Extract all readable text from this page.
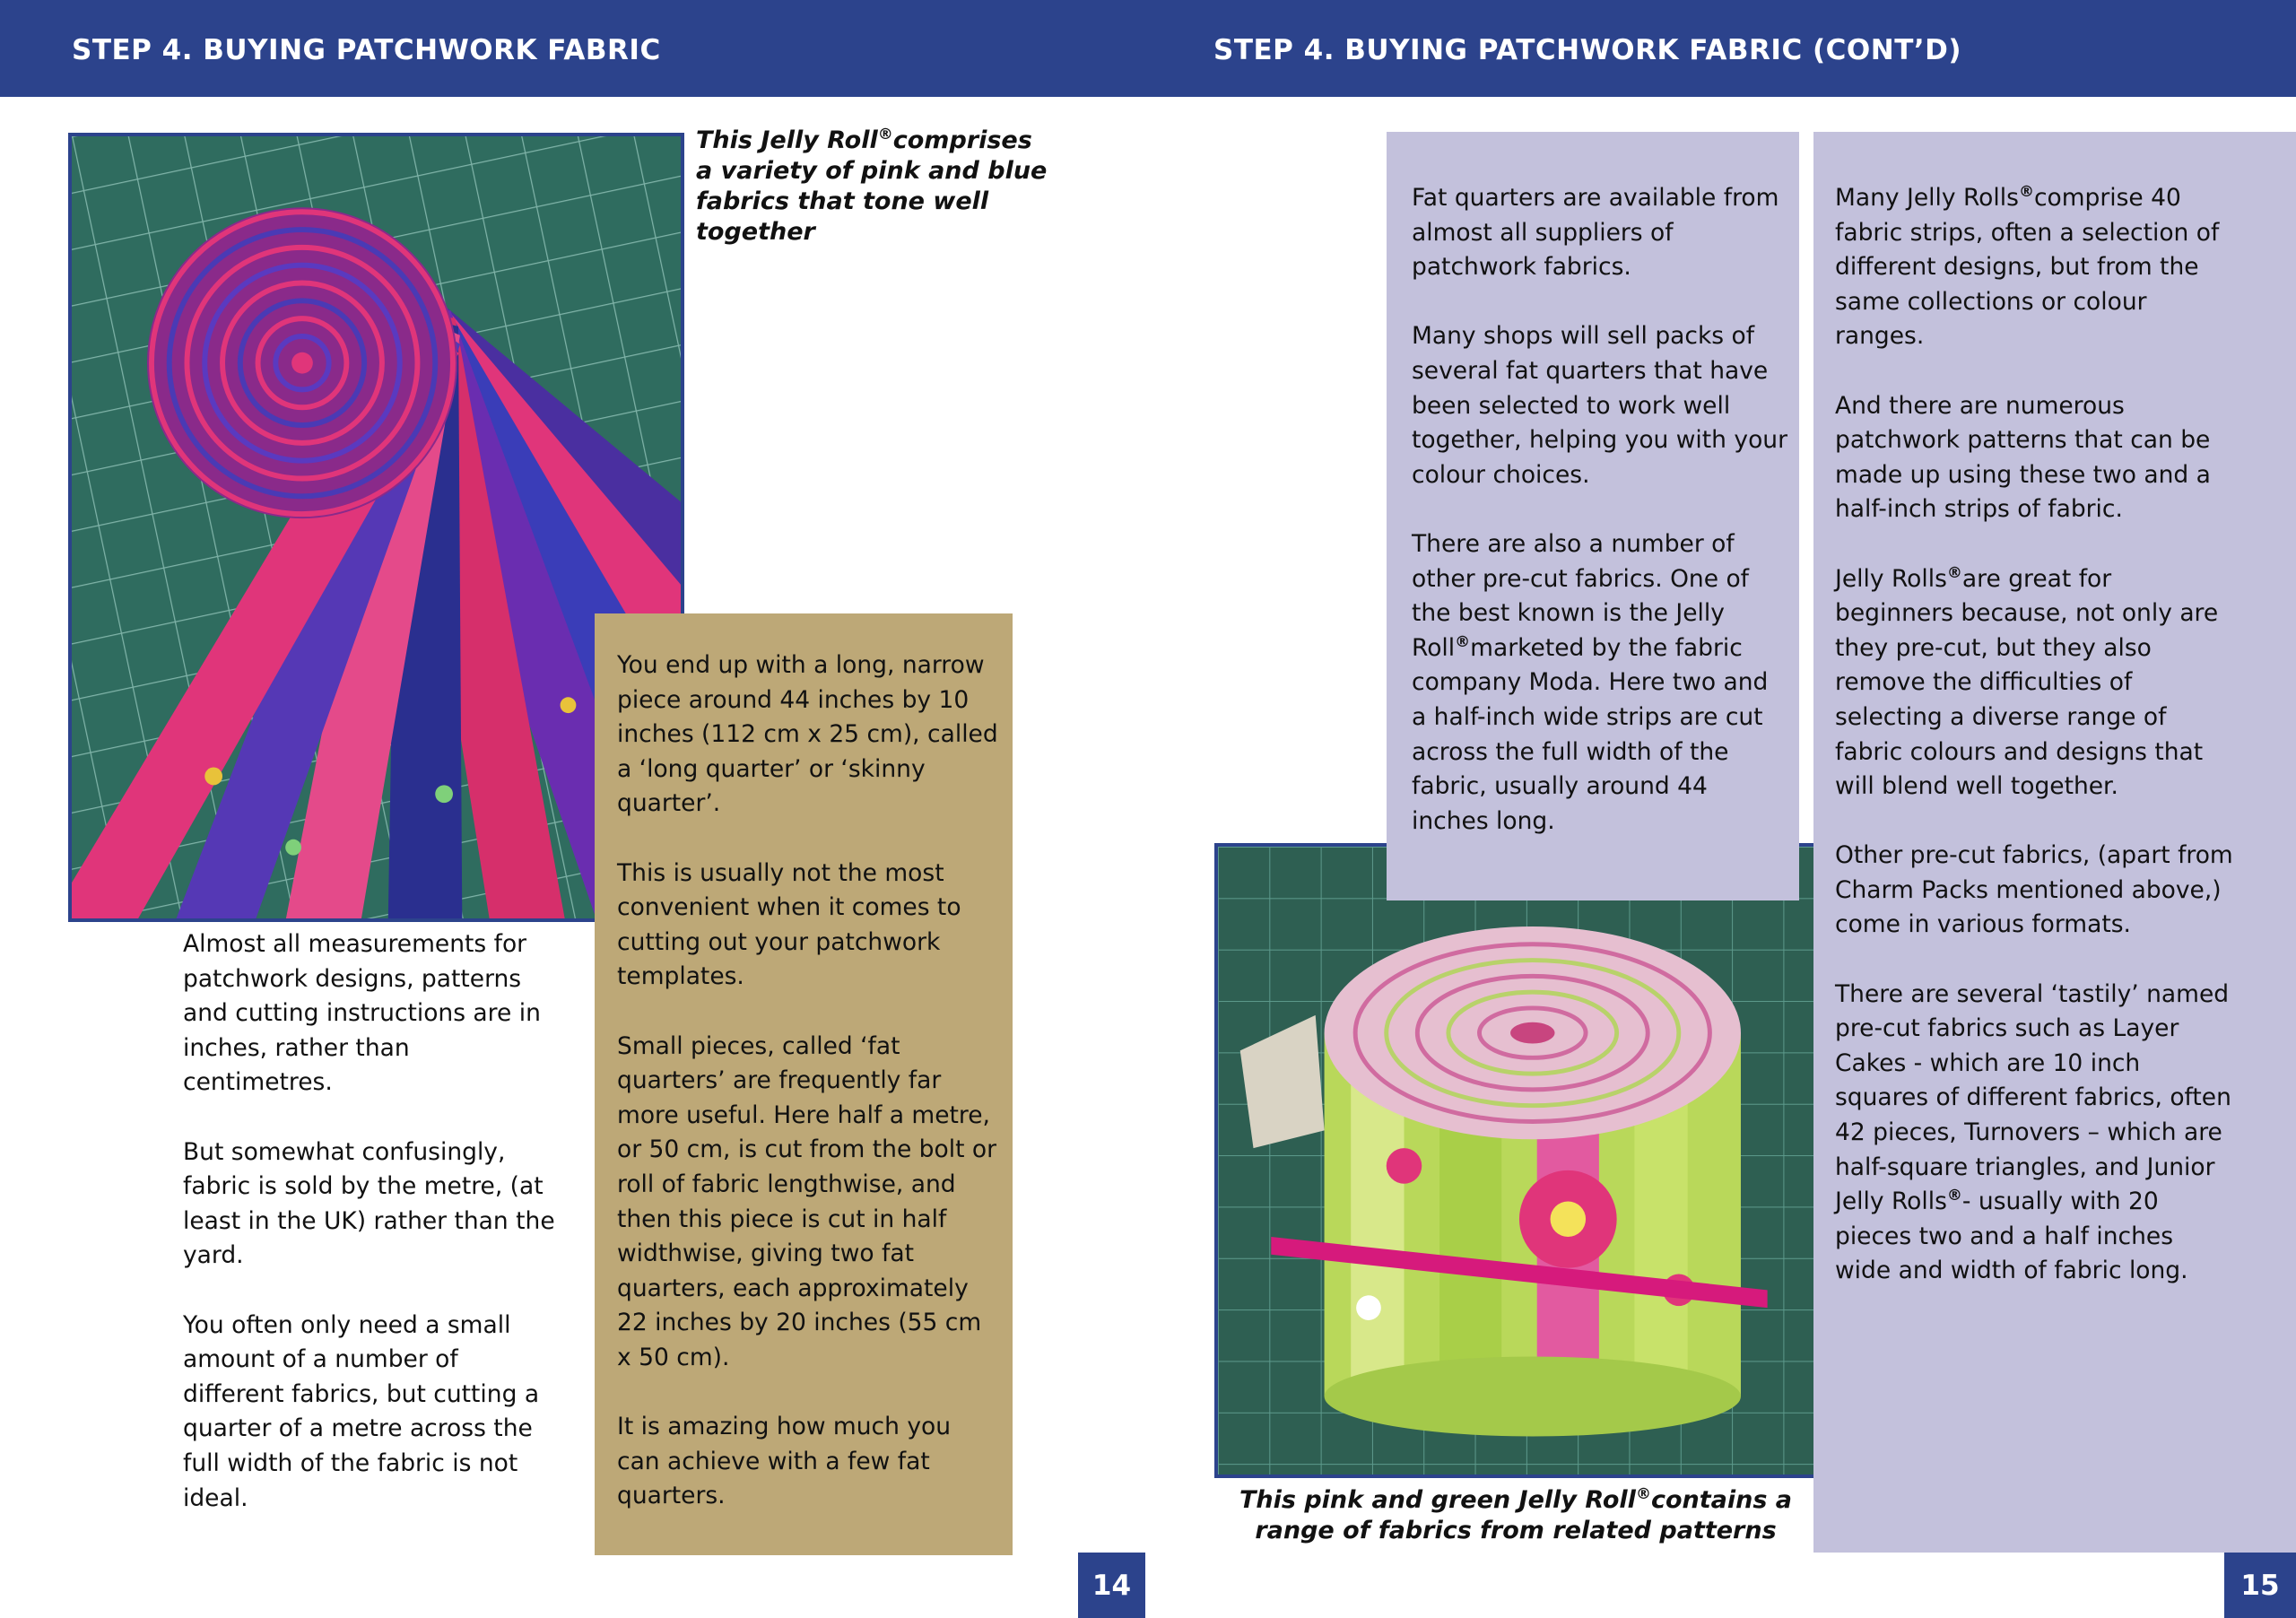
STEP 4. BUYING PATCHWORK FABRIC
This Jelly Roll®comprises a variety of pink and blue fabrics that tone well together

Almost all measurements for patchwork designs, patterns and cutting instructions are in inches, rather than centimetres.

But somewhat confusingly, fabric is sold by the metre, (at least in the UK) rather than the yard.

You often only need a small amount of a number of different fabrics, but cutting a quarter of a metre across the full width of the fabric is not ideal.

You end up with a long, narrow piece around 44 inches by 10 inches (112 cm x 25 cm), called a ‘long quarter’ or ‘skinny quarter’.

This is usually not the most convenient when it comes to cutting out your patchwork templates.

Small pieces, called ‘fat quarters’ are frequently far more useful. Here half a metre, or 50 cm, is cut from the bolt or roll of fabric lengthwise, and then this piece is cut in half widthwise, giving two fat quarters, each approximately 22 inches by 20 inches (55 cm x 50 cm).

It is amazing how much you can achieve with a few fat quarters.

14
STEP 4. BUYING PATCHWORK FABRIC (CONT’D)

Fat quarters are available from almost all suppliers of patchwork fabrics.

Many shops will sell packs of several fat quarters that have been selected to work well together, helping you with your colour choices.

There are also a number of other pre-cut fabrics. One of the best known is the Jelly Roll®marketed by the fabric company Moda. Here two and a half-inch wide strips are cut across the full width of the fabric, usually around 44 inches long.

Many Jelly Rolls®comprise 40 fabric strips, often a selection of different designs, but from the same collections or colour ranges.

And there are numerous patchwork patterns that can be made up using these two and a half-inch strips of fabric.

Jelly Rolls®are great for beginners because, not only are they pre-cut, but they also remove the difficulties of selecting a diverse range of fabric colours and designs that will blend well together.

Other pre-cut fabrics, (apart from Charm Packs mentioned above,) come in various formats.

There are several ‘tastily’ named pre-cut fabrics such as Layer Cakes - which are 10 inch squares of different fabrics, often 42 pieces, Turnovers – which are half-square triangles, and Junior Jelly Rolls®- usually with 20 pieces two and a half inches wide and width of fabric long.

This pink and green Jelly Roll®contains a range of fabrics from related patterns
15
